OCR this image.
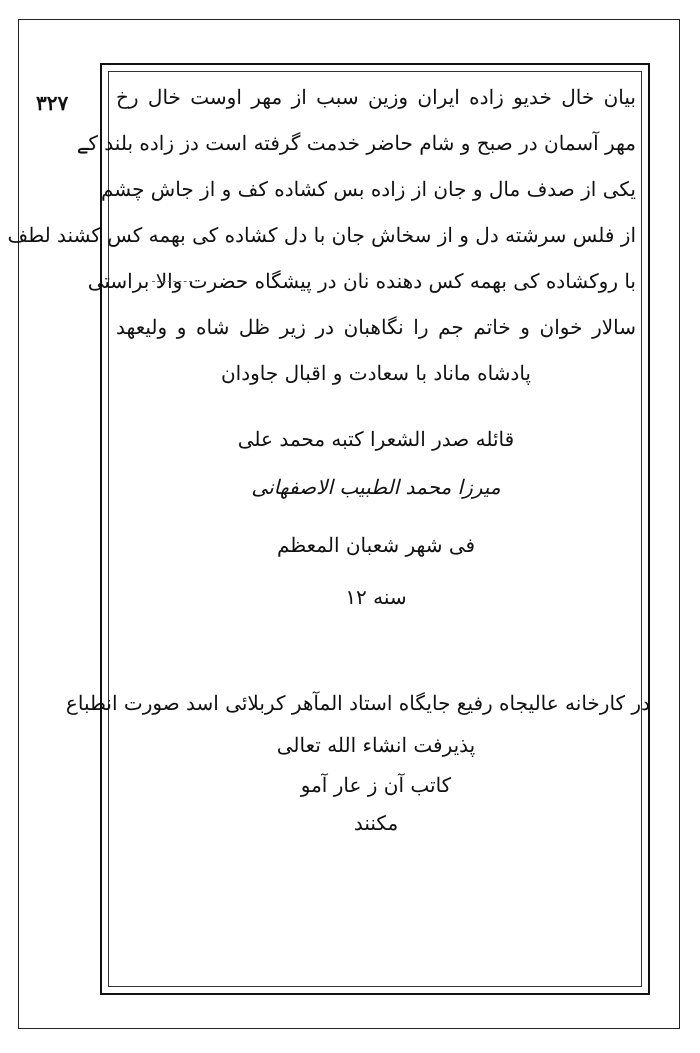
۳۲۷ بیان خال خدیو زاده ایران وزین سبب از مهر اوست خال رخ
مهر آسمان در صبح و شام حاضر خدمت گرفته است دز زاده بلند کے
یکی از صدف مال و جان از زاده بس کشاده کف و از جاش چشم
از فلس سرشته دل و از سخاش جان با دل کشاده کی بهمه کس کشند لطف
با روکشاده کی بهمه کس دهنده نان در پیشگاه حضرت والا براستی
سالار خوان و خاتم جم را نگاهبان در زیر ظل شاه و ولیعهد
پادشاه ماناد با سعادت و اقبال جاودان
قائله صدر الشعرا کتبه محمد علی
میرزا محمد الطبیب الاصفهانی
فی شهر شعبان المعظم
سنه ۱۲
در کارخانه عالیجاه رفیع جایگاه استاد المآهر کربلائی اسد صورت انطباع
پذیرفت انشاء الله تعالی
کاتب آن ز عار آمو
مکنند
